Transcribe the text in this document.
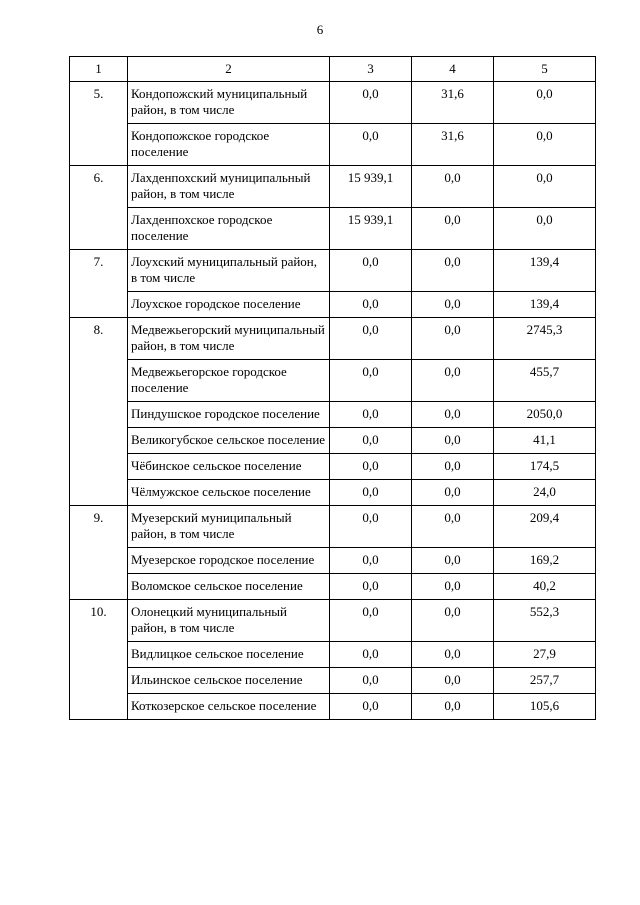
6
1	2	3	4	5
5.	Кондопожский муниципальный район, в том числе	0,0	31,6	0,0
	Кондопожское городское поселение	0,0	31,6	0,0
6.	Лахденпохский муниципальный район, в том числе	15 939,1	0,0	0,0
	Лахденпохское городское поселение	15 939,1	0,0	0,0
7.	Лоухский муниципальный район, в том числе	0,0	0,0	139,4
	Лоухское городское поселение	0,0	0,0	139,4
8.	Медвежьегорский муниципальный район, в том числе	0,0	0,0	2745,3
	Медвежьегорское городское поселение	0,0	0,0	455,7
	Пиндушское городское поселение	0,0	0,0	2050,0
	Великогубское сельское поселение	0,0	0,0	41,1
	Чёбинское сельское поселение	0,0	0,0	174,5
	Чёлмужское сельское поселение	0,0	0,0	24,0
9.	Муезерский муниципальный район, в том числе	0,0	0,0	209,4
	Муезерское городское поселение	0,0	0,0	169,2
	Воломское сельское поселение	0,0	0,0	40,2
10.	Олонецкий муниципальный район, в том числе	0,0	0,0	552,3
	Видлицкое сельское поселение	0,0	0,0	27,9
	Ильинское сельское поселение	0,0	0,0	257,7
	Коткозерское сельское поселение	0,0	0,0	105,6
